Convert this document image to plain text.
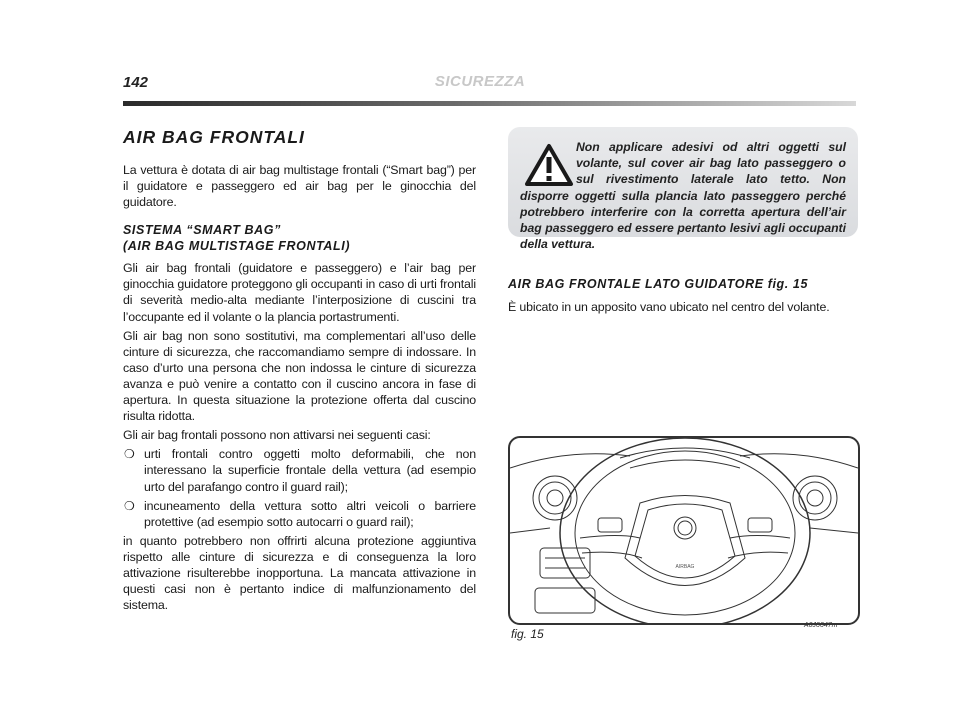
142	SICUREZZA
AIR BAG FRONTALI
La vettura è dotata di air bag multistage frontali (“Smart bag”) per il guidatore e passeggero ed air bag per le ginocchia del guidatore.
SISTEMA “SMART BAG”
(AIR BAG MULTISTAGE FRONTALI)
Gli air bag frontali (guidatore e passeggero) e l’air bag per ginocchia guidatore proteggono gli occupanti in caso di urti frontali di severità medio-alta mediante l’interposizione di cuscini tra l’occupante ed il volante o la plancia portastrumenti.
Gli air bag non sono sostitutivi, ma complementari all’uso delle cinture di sicurezza, che raccomandiamo sempre di indossare. In caso d’urto una persona che non indossa le cinture di sicurezza avanza e può venire a contatto con il cuscino ancora in fase di apertura. In questa situazione la protezione offerta dal cuscino risulta ridotta.
Gli air bag frontali possono non attivarsi nei seguenti casi:
❍ urti frontali contro oggetti molto deformabili, che non interessano la superficie frontale della vettura (ad esempio urto del parafango contro il guard rail);
❍ incuneamento della vettura sotto altri veicoli o barriere protettive (ad esempio sotto autocarri o guard rail);
in quanto potrebbero non offrirti alcuna protezione aggiuntiva rispetto alle cinture di sicurezza e di conseguenza la loro attivazione risulterebbe inopportuna. La mancata attivazione in questi casi non è pertanto indice di malfunzionamento del sistema.
Non applicare adesivi od altri oggetti sul volante, sul cover air bag lato passeggero o sul rivestimento laterale lato tetto. Non disporre oggetti sulla plancia lato passeggero perché potrebbero interferire con la corretta apertura dell’air bag passeggero ed essere pertanto lesivi agli occupanti della vettura.
AIR BAG FRONTALE LATO GUIDATORE fig. 15
È ubicato in un apposito vano ubicato nel centro del volante.
AIRBAG
fig. 15
A0J0047m
